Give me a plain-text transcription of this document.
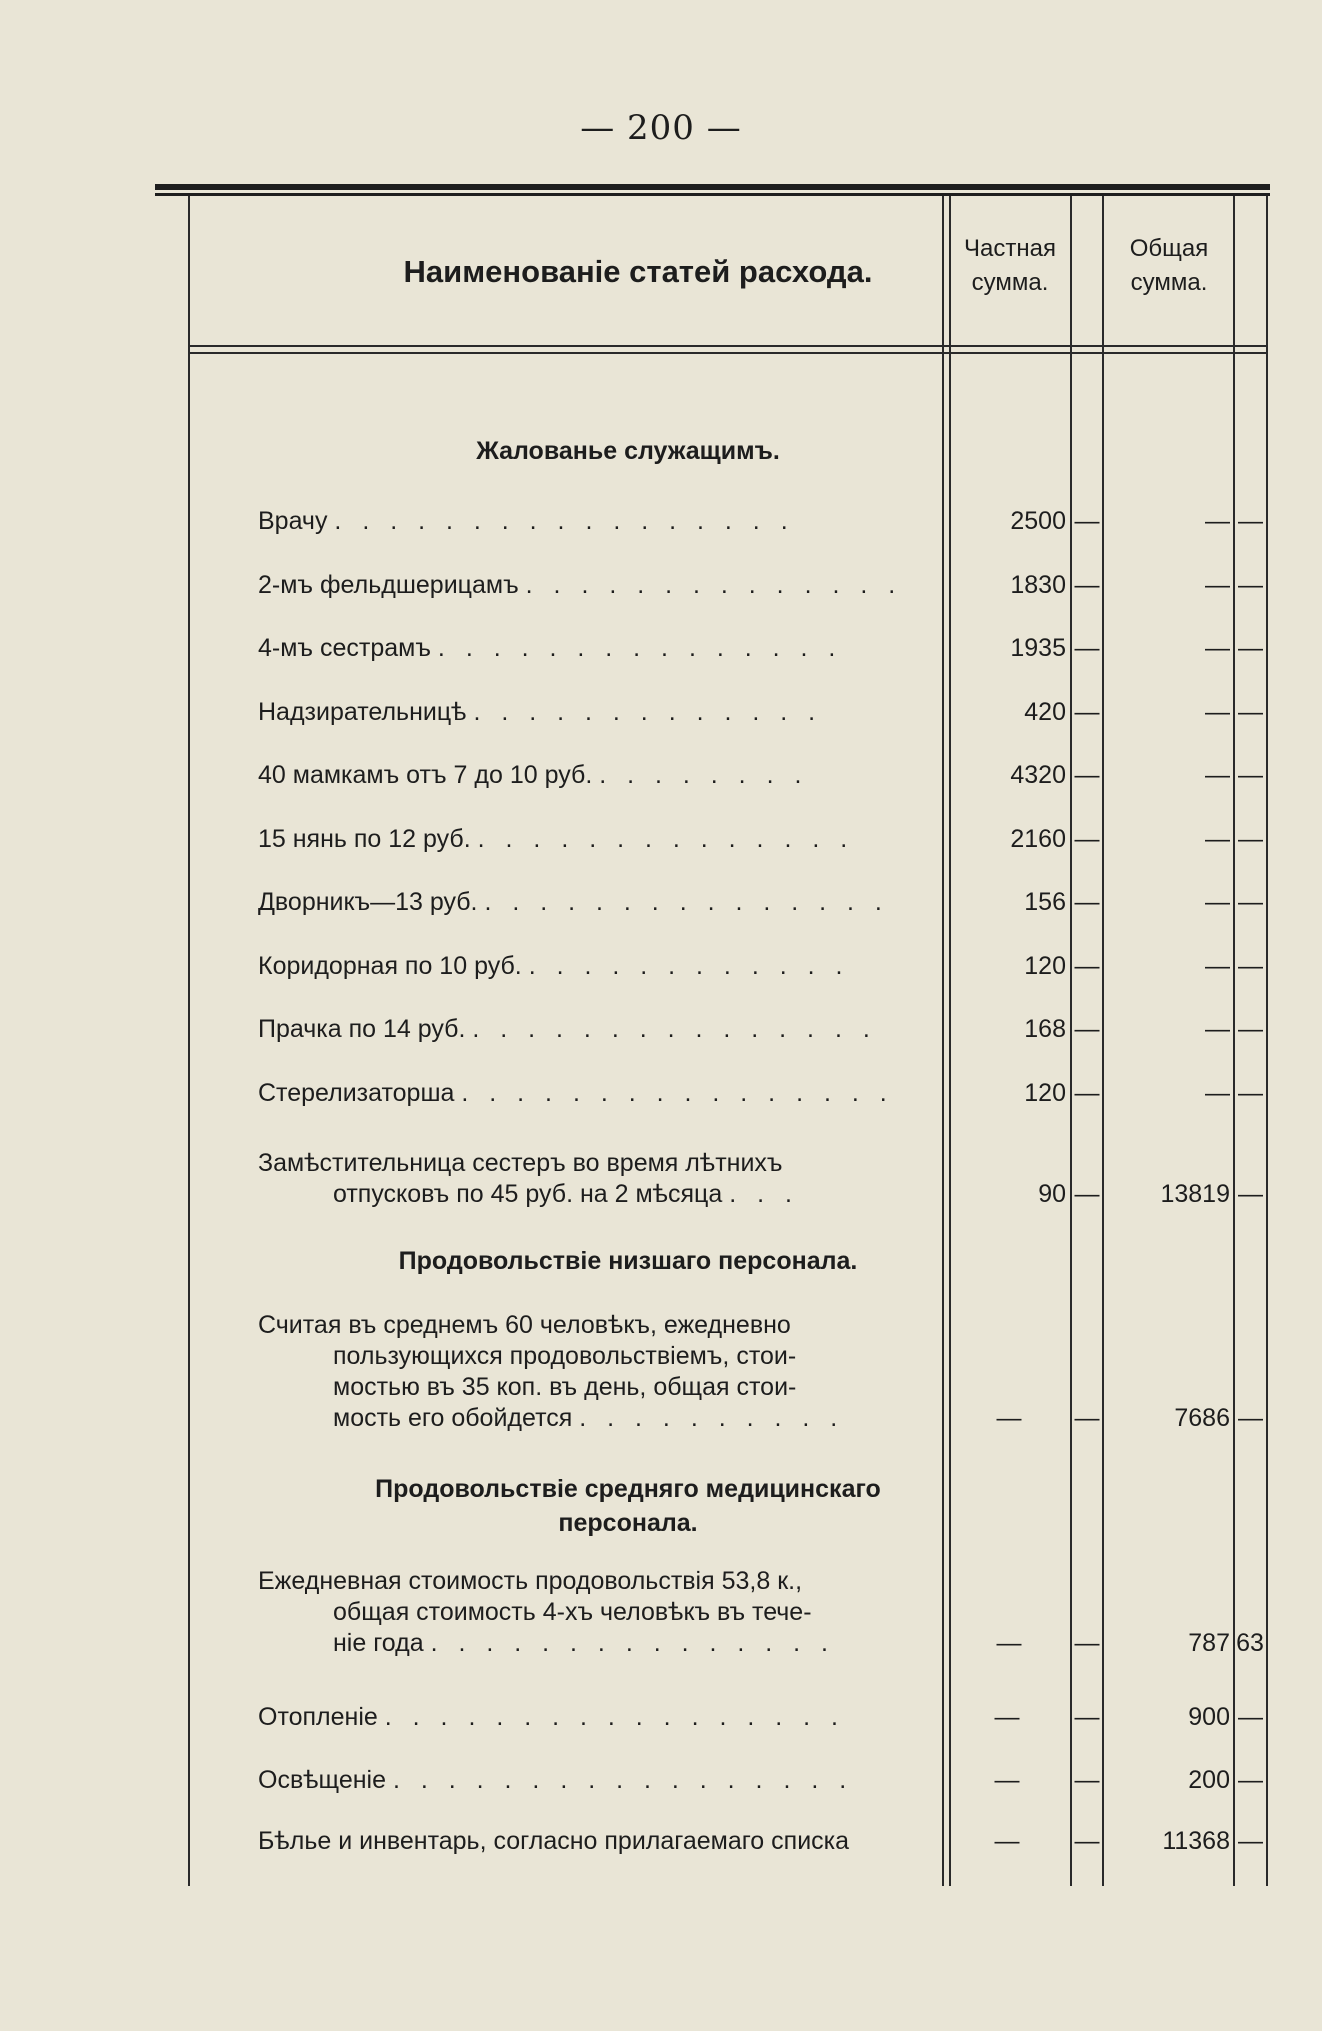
— 200 —
Наименованіе статей расхода.
Частная
сумма.
Общая
сумма.
Жалованье служащимъ.
Врачу . . . . . . . . . . . . . . . . .	2500 —	— —
2-мъ фельдшерицамъ . . . . . . . . . . . . . .	1830 —	— —
4-мъ сестрамъ . . . . . . . . . . . . . . .	1935 —	— —
Надзирательницѣ . . . . . . . . . . . . .	420 —	— —
40 мамкамъ отъ 7 до 10 руб. . . . . . . . .	4320 —	— —
15 нянь по 12 руб. . . . . . . . . . . . . . .	2160 —	— —
Дворникъ—13 руб. . . . . . . . . . . . . . . .	156 —	— —
Коридорная по 10 руб. . . . . . . . . . . . .	120 —	— —
Прачка по 14 руб. . . . . . . . . . . . . . . .	168 —	— —
Стерелизаторша . . . . . . . . . . . . . . . .	120 —	— —
Замѣстительница сестеръ во время лѣтнихъ
отпусковъ по 45 руб. на 2 мѣсяца . . .	90 —	13819 —
Продовольствіе низшаго персонала.
Считая въ среднемъ 60 человѣкъ, ежедневно
пользующихся продовольствіемъ, стои-
мостью въ 35 коп. въ день, общая стои-
мость его обойдется . . . . . . . . . .	—	—	7686 —
Продовольствіе средняго медицинскаго
персонала.
Ежедневная стоимость продовольствія 53,8 к.,
общая стоимость 4-хъ человѣкъ въ тече-
ніе года . . . . . . . . . . . . . . .	—	—	787 63
Отопленіе . . . . . . . . . . . . . . . . .	—	—	900 —
Освѣщеніе . . . . . . . . . . . . . . . . .	—	—	200 —
Бѣлье и инвентарь, согласно прилагаемаго списка	—	—	11368 —
